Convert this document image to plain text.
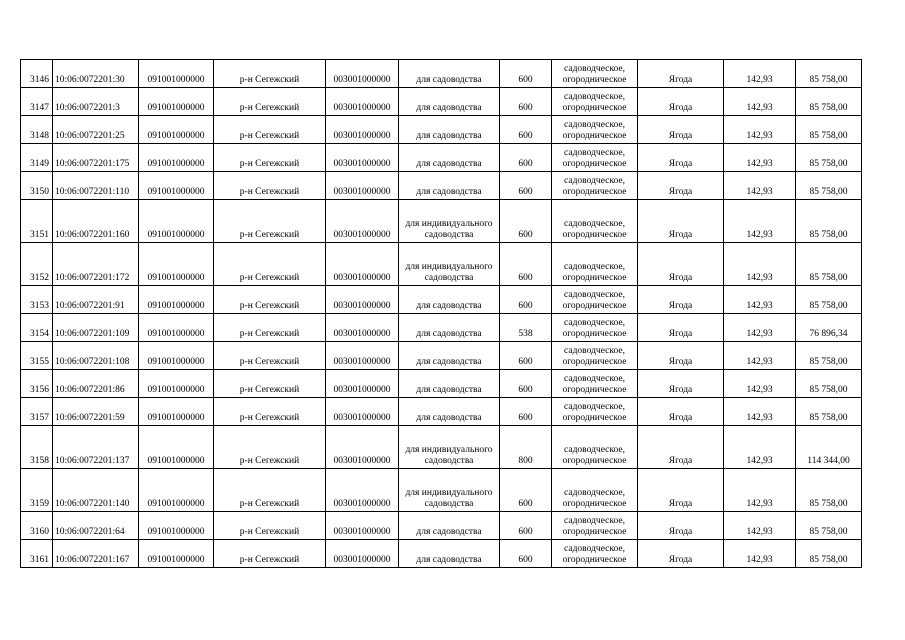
3146	10:06:0072201:30	091001000000	р-н Сегежский	003001000000	для садоводства	600	садоводческое, огородническое	Ягода	142,93	85 758,00
3147	10:06:0072201:3	091001000000	р-н Сегежский	003001000000	для садоводства	600	садоводческое, огородническое	Ягода	142,93	85 758,00
3148	10:06:0072201:25	091001000000	р-н Сегежский	003001000000	для садоводства	600	садоводческое, огородническое	Ягода	142,93	85 758,00
3149	10:06:0072201:175	091001000000	р-н Сегежский	003001000000	для садоводства	600	садоводческое, огородническое	Ягода	142,93	85 758,00
3150	10:06:0072201:110	091001000000	р-н Сегежский	003001000000	для садоводства	600	садоводческое, огородническое	Ягода	142,93	85 758,00
3151	10:06:0072201:160	091001000000	р-н Сегежский	003001000000	для индивидуального садоводства	600	садоводческое, огородническое	Ягода	142,93	85 758,00
3152	10:06:0072201:172	091001000000	р-н Сегежский	003001000000	для индивидуального садоводства	600	садоводческое, огородническое	Ягода	142,93	85 758,00
3153	10:06:0072201:91	091001000000	р-н Сегежский	003001000000	для садоводства	600	садоводческое, огородническое	Ягода	142,93	85 758,00
3154	10:06:0072201:109	091001000000	р-н Сегежский	003001000000	для садоводства	538	садоводческое, огородническое	Ягода	142,93	76 896,34
3155	10:06:0072201:108	091001000000	р-н Сегежский	003001000000	для садоводства	600	садоводческое, огородническое	Ягода	142,93	85 758,00
3156	10:06:0072201:86	091001000000	р-н Сегежский	003001000000	для садоводства	600	садоводческое, огородническое	Ягода	142,93	85 758,00
3157	10:06:0072201:59	091001000000	р-н Сегежский	003001000000	для садоводства	600	садоводческое, огородническое	Ягода	142,93	85 758,00
3158	10:06:0072201:137	091001000000	р-н Сегежский	003001000000	для индивидуального садоводства	800	садоводческое, огородническое	Ягода	142,93	114 344,00
3159	10:06:0072201:140	091001000000	р-н Сегежский	003001000000	для индивидуального садоводства	600	садоводческое, огородническое	Ягода	142,93	85 758,00
3160	10:06:0072201:64	091001000000	р-н Сегежский	003001000000	для садоводства	600	садоводческое, огородническое	Ягода	142,93	85 758,00
3161	10:06:0072201:167	091001000000	р-н Сегежский	003001000000	для садоводства	600	садоводческое, огородническое	Ягода	142,93	85 758,00
